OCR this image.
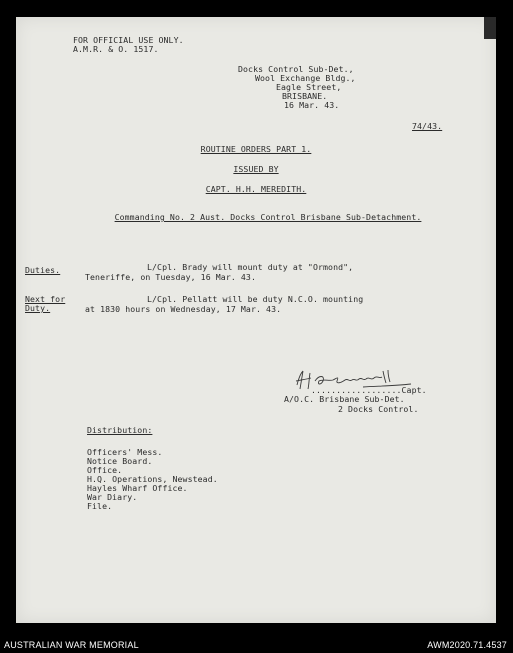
FOR OFFICIAL USE ONLY.
A.M.R. & O. 1517.
Docks Control Sub-Det.,
Wool Exchange Bldg.,
Eagle Street,
BRISBANE.
16 Mar. 43.
74/43.
ROUTINE ORDERS PART 1.
ISSUED BY
CAPT. H.H. MEREDITH.
Commanding No. 2 Aust. Docks Control Brisbane Sub-Detachment.
Duties.	L/Cpl. Brady will mount duty at "Ormond",
Teneriffe, on Tuesday, 16 Mar. 43.
Next for
Duty.
L/Cpl. Pellatt will be duty N.C.O. mounting
at 1830 hours on Wednesday, 17 Mar. 43.
..................Capt.
A/O.C. Brisbane Sub-Det.
2 Docks Control.
Distribution:
Officers' Mess.
Notice Board.
Office.
H.Q. Operations, Newstead.
Hayles Wharf Office.
War Diary.
File.
AUSTRALIAN WAR MEMORIAL	AWM2020.71.4537
